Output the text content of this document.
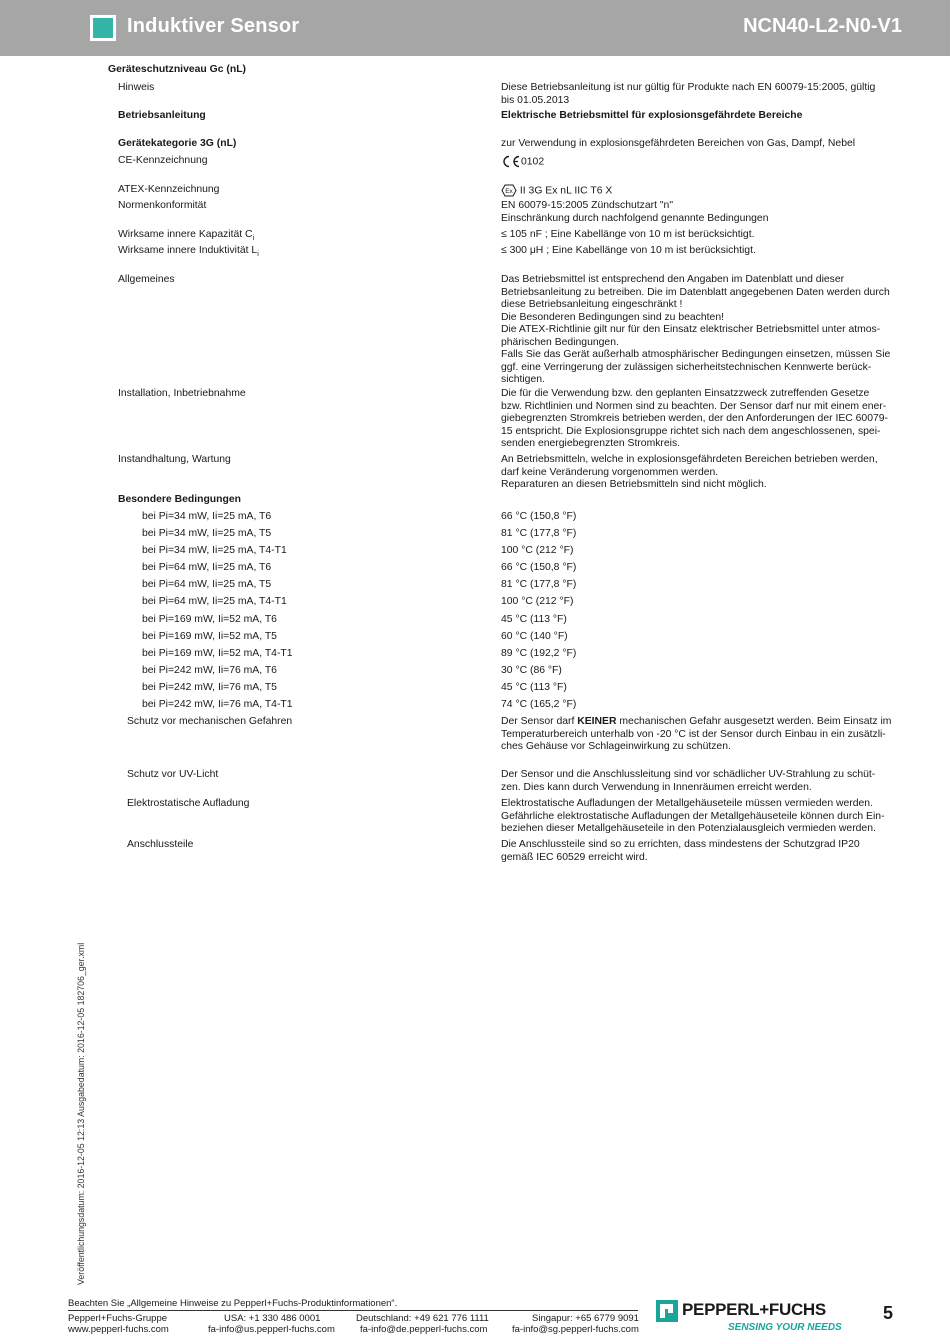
Induktiver Sensor	NCN40-L2-N0-V1
Geräteschutzniveau Gc (nL)
Hinweis	Diese Betriebsanleitung ist nur gültig für Produkte nach EN 60079-15:2005, gültig
bis 01.05.2013
Betriebsanleitung	Elektrische Betriebsmittel für explosionsgefährdete Bereiche
Gerätekategorie 3G (nL)	zur Verwendung in explosionsgefährdeten Bereichen von Gas, Dampf, Nebel
CE-Kennzeichnung	0102
ATEX-Kennzeichnung	Ex II 3G Ex nL IIC T6 X
Normenkonformität	EN 60079-15:2005 Zündschutzart "n"
Einschränkung durch nachfolgend genannte Bedingungen
Wirksame innere Kapazität $C_i$	≤ 105 nF ; Eine Kabellänge von 10 m ist berücksichtigt.
Wirksame innere Induktivität $L_i$	≤ 300 μH ; Eine Kabellänge von 10 m ist berücksichtigt.
Allgemeines	Das Betriebsmittel ist entsprechend den Angaben im Datenblatt und dieser
Betriebsanleitung zu betreiben. Die im Datenblatt angegebenen Daten werden durch
diese Betriebsanleitung eingeschränkt !
Die Besonderen Bedingungen sind zu beachten!
Die ATEX-Richtlinie gilt nur für den Einsatz elektrischer Betriebsmittel unter atmos-
phärischen Bedingungen.
Falls Sie das Gerät außerhalb atmosphärischer Bedingungen einsetzen, müssen Sie
ggf. eine Verringerung der zulässigen sicherheitstechnischen Kennwerte berück-
sichtigen.
Installation, Inbetriebnahme	Die für die Verwendung bzw. den geplanten Einsatzzweck zutreffenden Gesetze
bzw. Richtlinien und Normen sind zu beachten. Der Sensor darf nur mit einem ener-
giebegrenzten Stromkreis betrieben werden, der den Anforderungen der IEC 60079-
15 entspricht. Die Explosionsgruppe richtet sich nach dem angeschlossenen, spei-
senden energiebegrenzten Stromkreis.
Instandhaltung, Wartung	An Betriebsmitteln, welche in explosionsgefährdeten Bereichen betrieben werden,
darf keine Veränderung vorgenommen werden.
Reparaturen an diesen Betriebsmitteln sind nicht möglich.
Besondere Bedingungen
bei Pi=34 mW, Ii=25 mA, T6	66 °C (150,8 °F)
bei Pi=34 mW, Ii=25 mA, T5	81 °C (177,8 °F)
bei Pi=34 mW, Ii=25 mA, T4-T1	100 °C (212 °F)
bei Pi=64 mW, Ii=25 mA, T6	66 °C (150,8 °F)
bei Pi=64 mW, Ii=25 mA, T5	81 °C (177,8 °F)
bei Pi=64 mW, Ii=25 mA, T4-T1	100 °C (212 °F)
bei Pi=169 mW, Ii=52 mA, T6	45 °C (113 °F)
bei Pi=169 mW, Ii=52 mA, T5	60 °C (140 °F)
bei Pi=169 mW, Ii=52 mA, T4-T1	89 °C (192,2 °F)
bei Pi=242 mW, Ii=76 mA, T6	30 °C (86 °F)
bei Pi=242 mW, Ii=76 mA, T5	45 °C (113 °F)
bei Pi=242 mW, Ii=76 mA, T4-T1	74 °C (165,2 °F)
Schutz vor mechanischen Gefahren	Der Sensor darf KEINER mechanischen Gefahr ausgesetzt werden. Beim Einsatz im
Temperaturbereich unterhalb von -20 °C ist der Sensor durch Einbau in ein zusätzli-
ches Gehäuse vor Schlageinwirkung zu schützen.
Schutz vor UV-Licht	Der Sensor und die Anschlussleitung sind vor schädlicher UV-Strahlung zu schüt-
zen. Dies kann durch Verwendung in Innenräumen erreicht werden.
Elektrostatische Aufladung	Elektrostatische Aufladungen der Metallgehäuseteile müssen vermieden werden.
Gefährliche elektrostatische Aufladungen der Metallgehäuseteile können durch Ein-
beziehen dieser Metallgehäuseteile in den Potenzialausgleich vermieden werden.
Anschlussteile	Die Anschlussteile sind so zu errichten, dass mindestens der Schutzgrad IP20
gemäß IEC 60529 erreicht wird.
Veröffentlichungsdatum: 2016-12-05 12:13 Ausgabedatum: 2016-12-05 182706_ger.xml
Beachten Sie „Allgemeine Hinweise zu Pepperl+Fuchs-Produktinformationen“.
Pepperl+Fuchs-Gruppe
www.pepperl-fuchs.com
USA: +1 330 486 0001
fa-info@us.pepperl-fuchs.com
Deutschland: +49 621 776 1111
fa-info@de.pepperl-fuchs.com
Singapur: +65 6779 9091
fa-info@sg.pepperl-fuchs.com
PEPPERL+FUCHS
SENSING YOUR NEEDS
5
